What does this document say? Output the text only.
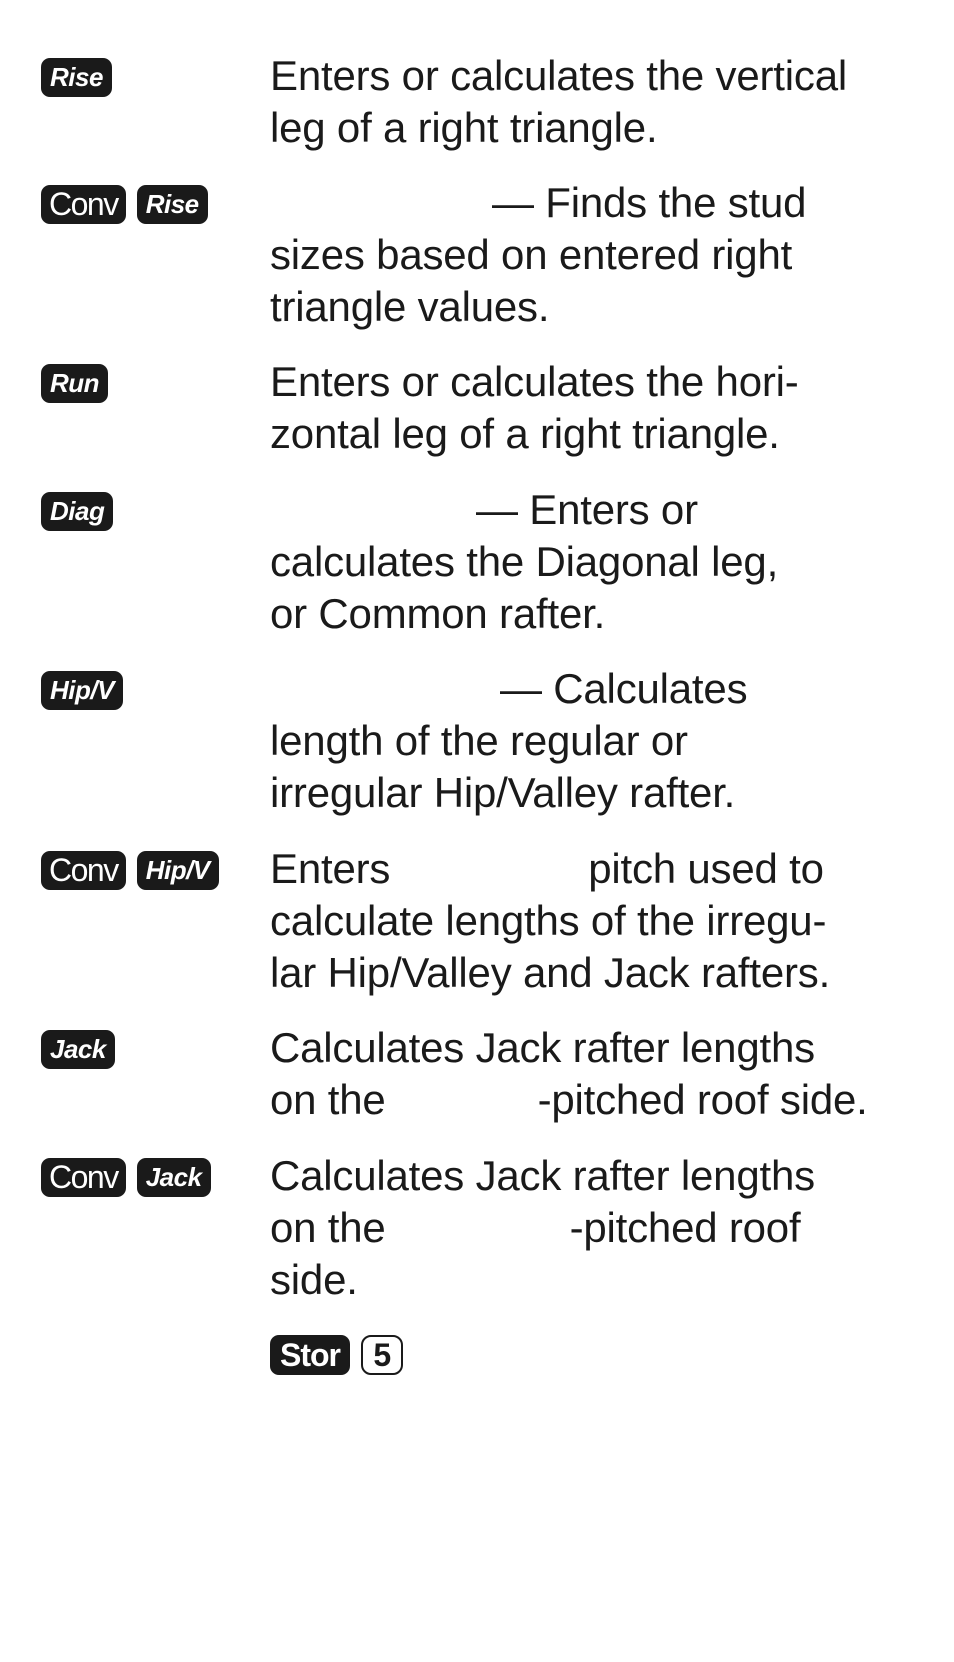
Rise	Enters or calculates the vertical
leg of a right triangle.
Conv Rise	— Finds the stud
sizes based on entered right
triangle values.
Run	Enters or calculates the hori-
zontal leg of a right triangle.
Diag	— Enters or
calculates the Diagonal leg,
or Common rafter.
Hip/V	— Calculates
length of the regular or
irregular Hip/Valley rafter.
Conv Hip/V	Enters	pitch used to
calculate lengths of the irregu-
lar Hip/Valley and Jack rafters.
Jack	Calculates Jack rafter lengths
on the	-pitched roof side.
Conv Jack	Calculates Jack rafter lengths
on the	-pitched roof
side.
Stor 5
